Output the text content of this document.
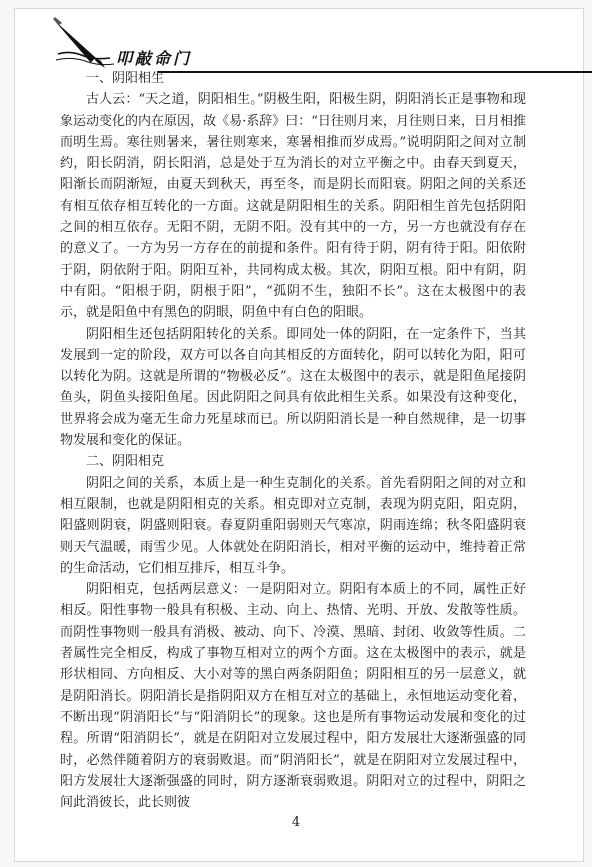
叩敲命门
一、阴阳相生

古人云：“天之道，阴阳相生。”阴极生阳，阳极生阴，阴阳消长正是事物和现象运动变化的内在原因，故《易·系辞》曰：“日往则月来，月往则日来，日月相推而明生焉。寒往则暑来，暑往则寒来，寒暑相推而岁成焉。”说明阴阳之间对立制约，阳长阴消，阴长阳消，总是处于互为消长的对立平衡之中。由春天到夏天，阳渐长而阴渐短，由夏天到秋天，再至冬，而是阴长而阳衰。阴阳之间的关系还有相互依存相互转化的一方面。这就是阴阳相生的关系。阴阳相生首先包括阴阳之间的相互依存。无阳不阴，无阴不阳。没有其中的一方，另一方也就没有存在的意义了。一方为另一方存在的前提和条件。阳有待于阴，阴有待于阳。阳依附于阴，阴依附于阳。阴阳互补，共同构成太极。其次，阴阳互根。阳中有阴，阴中有阳。“阳根于阴，阴根于阳”，“孤阴不生，独阳不长”。这在太极图中的表示，就是阳鱼中有黑色的阴眼，阴鱼中有白色的阳眼。

阴阳相生还包括阴阳转化的关系。即同处一体的阴阳，在一定条件下，当其发展到一定的阶段，双方可以各自向其相反的方面转化，阴可以转化为阳，阳可以转化为阴。这就是所谓的“物极必反”。这在太极图中的表示，就是阳鱼尾接阴鱼头，阴鱼头接阳鱼尾。因此阴阳之间具有依此相生关系。如果没有这种变化，世界将会成为毫无生命力死星球而已。所以阴阳消长是一种自然规律，是一切事物发展和变化的保证。

二、阴阳相克

阴阳之间的关系，本质上是一种生克制化的关系。首先看阴阳之间的对立和相互限制，也就是阴阳相克的关系。相克即对立克制，表现为阴克阳，阳克阴，阳盛则阴衰，阴盛则阳衰。春夏阴重阳弱则天气寒凉，阴雨连绵；秋冬阳盛阴衰则天气温暖，雨雪少见。人体就处在阴阳消长，相对平衡的运动中，维持着正常的生命活动，它们相互排斥，相互斗争。

阴阳相克，包括两层意义：一是阴阳对立。阴阳有本质上的不同，属性正好相反。阳性事物一般具有积极、主动、向上、热情、光明、开放、发散等性质。而阴性事物则一般具有消极、被动、向下、冷漠、黑暗、封闭、收敛等性质。二者属性完全相反，构成了事物互相对立的两个方面。这在太极图中的表示，就是形状相同、方向相反、大小对等的黑白两条阴阳鱼；阴阳相互的另一层意义，就是阴阳消长。阴阳消长是指阴阳双方在相互对立的基础上，永恒地运动变化着，不断出现“阴消阳长”与“阳消阴长”的现象。这也是所有事物运动发展和变化的过程。所谓“阳消阴长”，就是在阴阳对立发展过程中，阳方发展壮大逐渐强盛的同时，必然伴随着阴方的衰弱败退。而“阴消阳长”，就是在阴阳对立发展过程中，阳方发展壮大逐渐强盛的同时，阴方逐渐衰弱败退。阴阳对立的过程中，阴阳之间此消彼长，此长则彼

4
